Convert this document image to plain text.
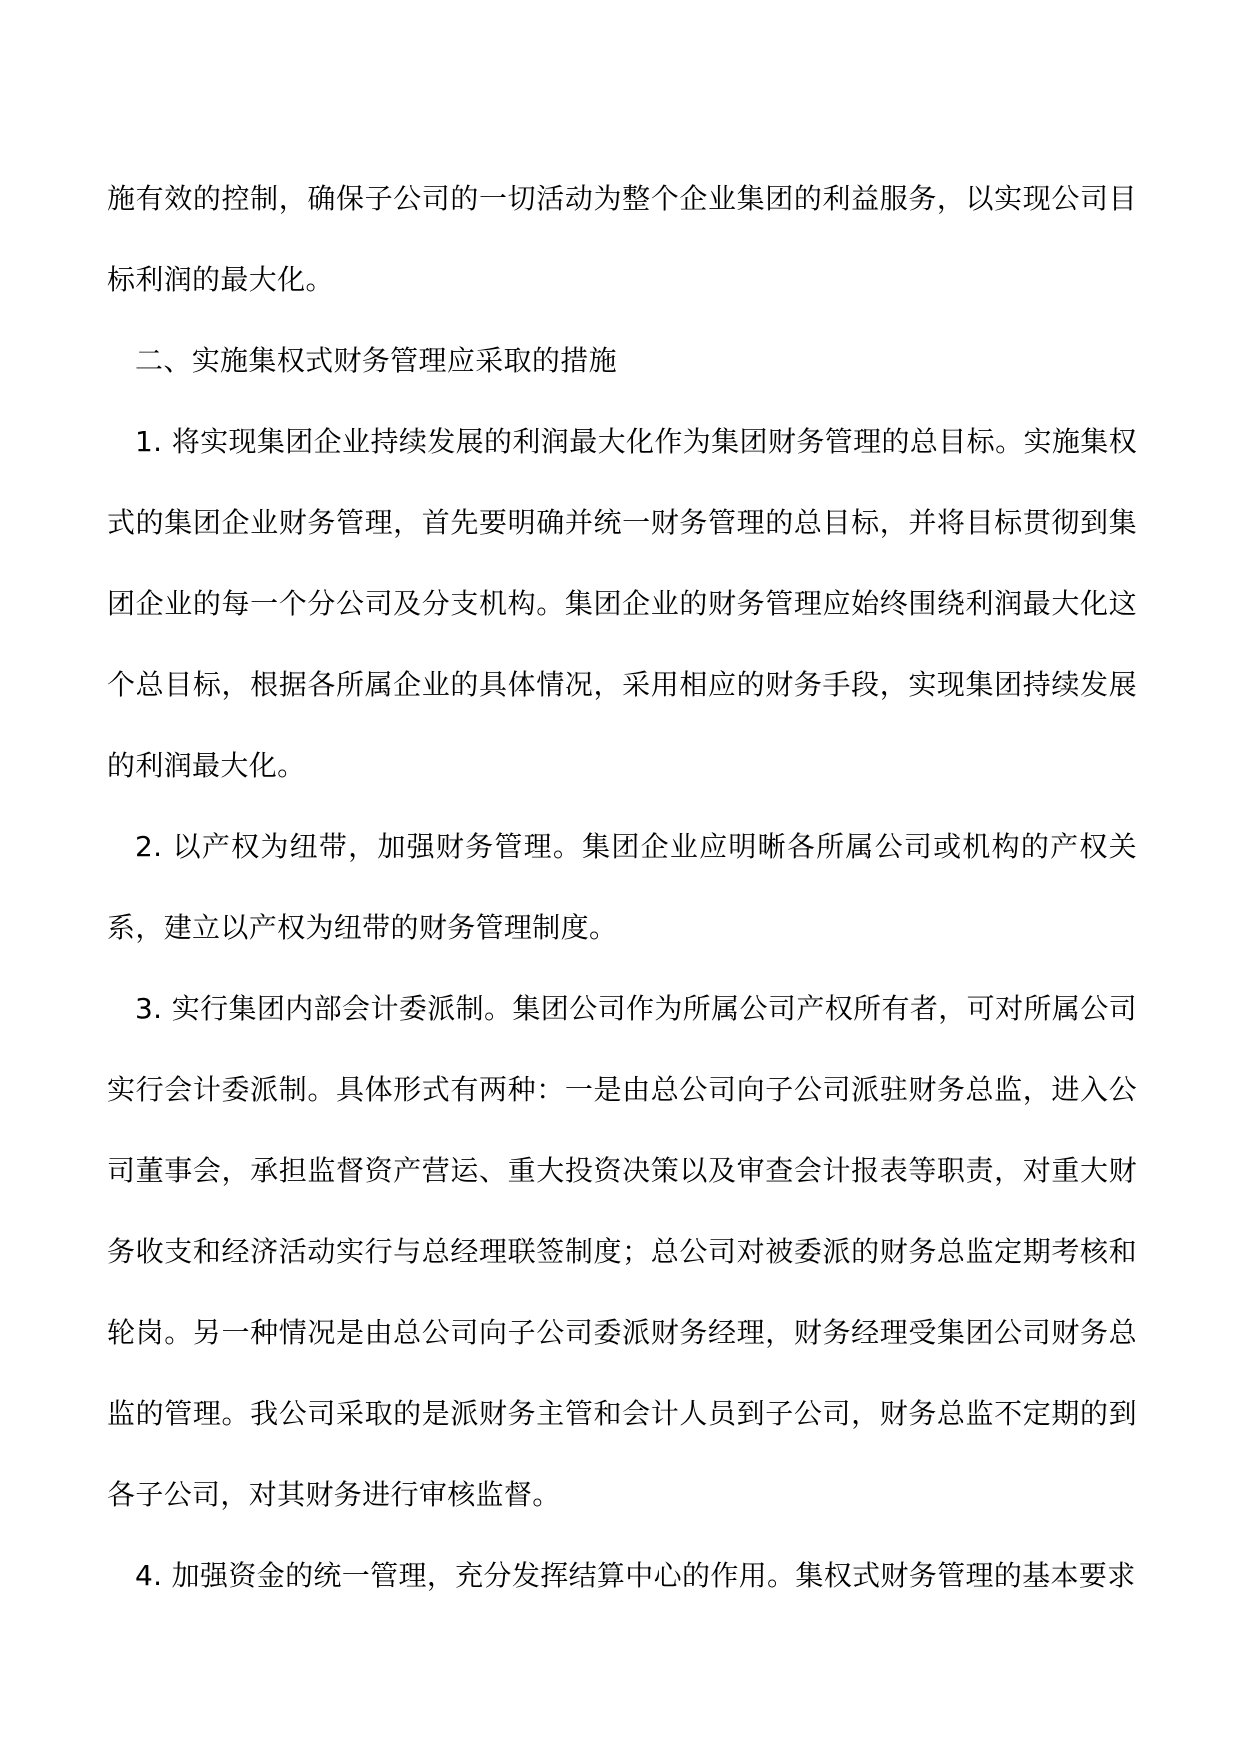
施有效的控制，确保子公司的一切活动为整个企业集团的利益服务，以实现公司目标利润的最大化。

二、实施集权式财务管理应采取的措施

1. 将实现集团企业持续发展的利润最大化作为集团财务管理的总目标。实施集权式的集团企业财务管理，首先要明确并统一财务管理的总目标，并将目标贯彻到集团企业的每一个分公司及分支机构。集团企业的财务管理应始终围绕利润最大化这个总目标，根据各所属企业的具体情况，采用相应的财务手段，实现集团持续发展的利润最大化。

2. 以产权为纽带，加强财务管理。集团企业应明晰各所属公司或机构的产权关系，建立以产权为纽带的财务管理制度。

3. 实行集团内部会计委派制。集团公司作为所属公司产权所有者，可对所属公司实行会计委派制。具体形式有两种：一是由总公司向子公司派驻财务总监，进入公司董事会，承担监督资产营运、重大投资决策以及审查会计报表等职责，对重大财务收支和经济活动实行与总经理联签制度；总公司对被委派的财务总监定期考核和轮岗。另一种情况是由总公司向子公司委派财务经理，财务经理受集团公司财务总监的管理。我公司采取的是派财务主管和会计人员到子公司，财务总监不定期的到各子公司，对其财务进行审核监督。

4. 加强资金的统一管理，充分发挥结算中心的作用。集权式财务管理的基本要求
